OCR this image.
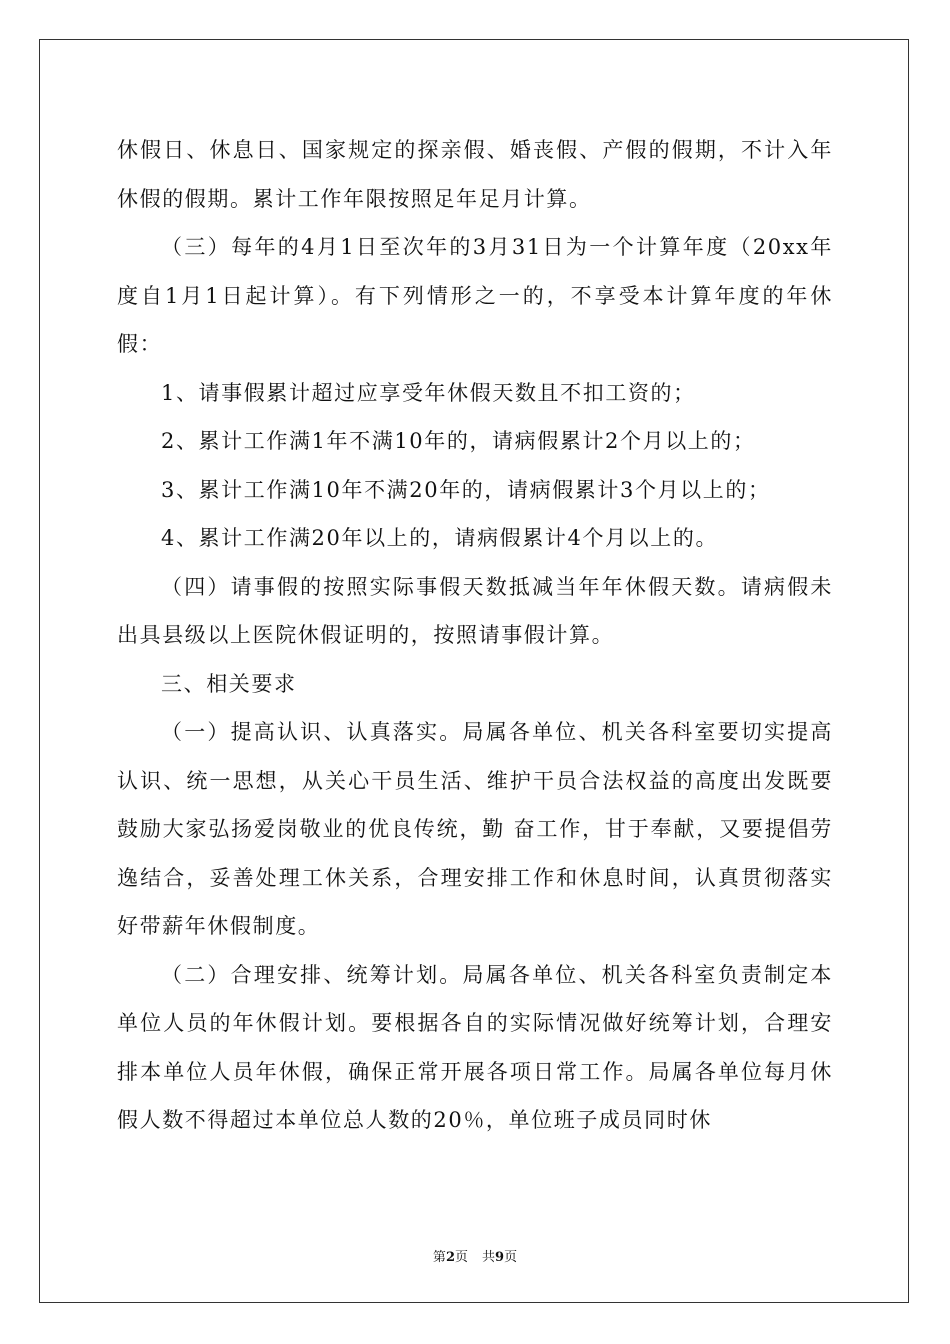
休假日、休息日、国家规定的探亲假、婚丧假、产假的假期，不计入年休假的假期。累计工作年限按照足年足月计算。

（三）每年的4月1日至次年的3月31日为一个计算年度（20xx年度自1月1日起计算）。有下列情形之一的，不享受本计算年度的年休假：

1、请事假累计超过应享受年休假天数且不扣工资的；

2、累计工作满1年不满10年的，请病假累计2个月以上的；

3、累计工作满10年不满20年的，请病假累计3个月以上的；

4、累计工作满20年以上的，请病假累计4个月以上的。

（四）请事假的按照实际事假天数抵减当年年休假天数。请病假未出具县级以上医院休假证明的，按照请事假计算。

三、相关要求

（一）提高认识、认真落实。局属各单位、机关各科室要切实提高认识、统一思想，从关心干员生活、维护干员合法权益的高度出发既要鼓励大家弘扬爱岗敬业的优良传统，勤 奋工作，甘于奉献，又要提倡劳逸结合，妥善处理工休关系，合理安排工作和休息时间，认真贯彻落实好带薪年休假制度。

（二）合理安排、统筹计划。局属各单位、机关各科室负责制定本单位人员的年休假计划。要根据各自的实际情况做好统筹计划，合理安排本单位人员年休假，确保正常开展各项日常工作。局属各单位每月休假人数不得超过本单位总人数的20％，单位班子成员同时休

第2页 共9页
